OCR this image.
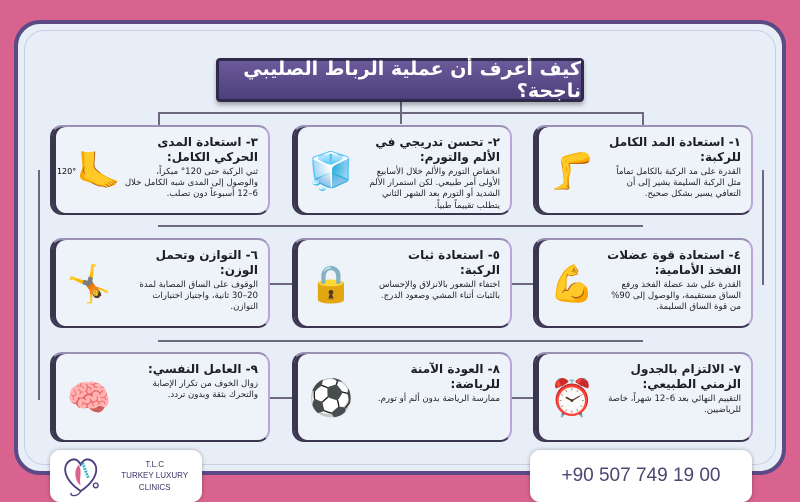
كيف أعرف أن عملية الرباط الصليبي ناجحة؟
١- استعادة المد الكامل للركبة:

القدرة على مد الركبة بالكامل تماماً مثل الركبة السليمة يشير إلى أن التعافي يسير بشكل صحيح.

🦵
٢- تحسن تدريجي في الألم والتورم:

انخفاض التورم والألم خلال الأسابيع الأولى أمر طبيعي. لكن استمرار الألم الشديد أو التورم بعد الشهر الثاني يتطلب تقييماً طبياً.

🧊
٣- استعادة المدى الحركي الكامل:

ثني الركبة حتى 120° مبكراً، والوصول إلى المدى شبه الكامل خلال 6–12 أسبوعاً دون تصلب.

🦶
120°
٤- استعادة قوة عضلات الفخذ الأمامية:

القدرة على شد عضلة الفخذ ورفع الساق مستقيمة، والوصول إلى 90% من قوة الساق السليمة.

💪
٥- استعادة ثبات الركبة:

اختفاء الشعور بالانزلاق والإحساس بالثبات أثناء المشي وصعود الدرج.

🔒
٦- التوازن وتحمل الوزن:

الوقوف على الساق المصابة لمدة 20–30 ثانية، واجتياز اختبارات التوازن.

🤸
٧- الالتزام بالجدول الزمني الطبيعي:

التقييم النهائي بعد 6–12 شهراً، خاصة للرياضيين.

⏰
٨- العودة الآمنة للرياضة:

ممارسة الرياضة بدون ألم أو تورم.

⚽
٩- العامل النفسي:

زوال الخوف من تكرار الإصابة والتحرك بثقة وبدون تردد.

🧠
T.L.C
TURKEY LUXURY CLINICS
+90 507 749 19 00
